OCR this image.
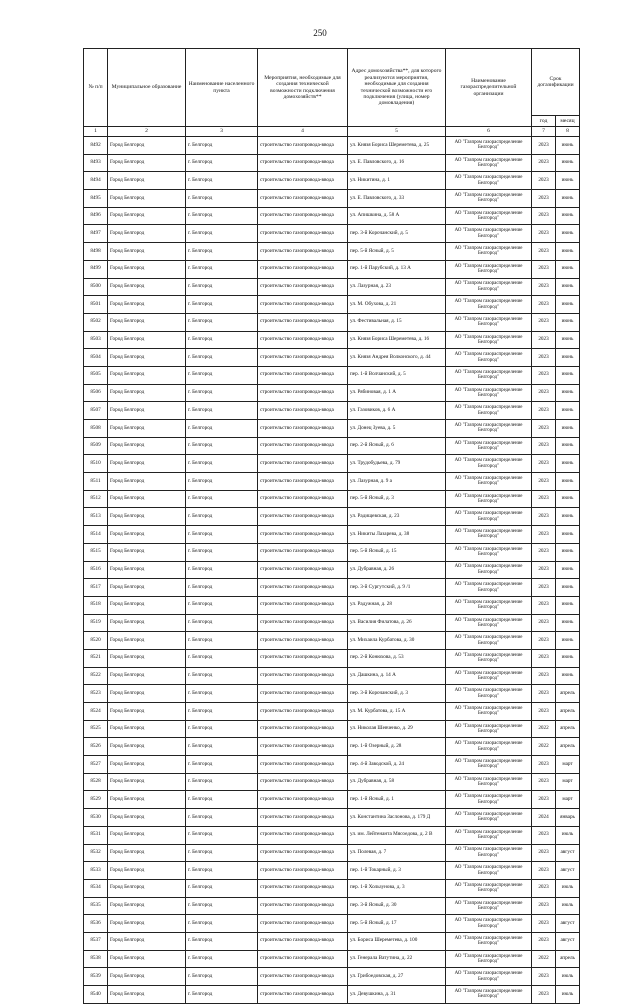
250
№ п/п	Муниципальное образование	Наименование населенного пункта	Мероприятия, необходимые для создания технической возможности подключения домохозяйств**	Адрес домохозяйства**, для которого реализуются мероприятия, необходимые для создания технической возможности его подключения (улица, номер домовладения)	Наименование газораспределительной организации	Срок догазификации	
						год	месяц
1	2	3	4	5	6	7	8
8492	Город Белгород	г. Белгород	строительство газопровода-ввода	ул. Князя Бориса Шереметева, д. 25	АО "Газпром газораспределение Белгород"	2023	июнь
8493	Город Белгород	г. Белгород	строительство газопровода-ввода	ул. Е. Павловского, д. 16	АО "Газпром газораспределение Белгород"	2023	июнь
8494	Город Белгород	г. Белгород	строительство газопровода-ввода	ул. Никитина, д. 1	АО "Газпром газораспределение Белгород"	2023	июнь
8495	Город Белгород	г. Белгород	строительство газопровода-ввода	ул. Е. Павловского, д. 33	АО "Газпром газораспределение Белгород"	2023	июнь
8496	Город Белгород	г. Белгород	строительство газопровода-ввода	ул. Апишкина, д. 58 А	АО "Газпром газораспределение Белгород"	2023	июнь
8497	Город Белгород	г. Белгород	строительство газопровода-ввода	пер. 3-й Корочанский, д. 5	АО "Газпром газораспределение Белгород"	2023	июнь
8498	Город Белгород	г. Белгород	строительство газопровода-ввода	пер. 5-й Ясный, д. 5	АО "Газпром газораспределение Белгород"	2023	июнь
8499	Город Белгород	г. Белгород	строительство газопровода-ввода	пер. 1-й Парубский, д. 13 А	АО "Газпром газораспределение Белгород"	2023	июнь
8500	Город Белгород	г. Белгород	строительство газопровода-ввода	ул. Лазурная, д. 23	АО "Газпром газораспределение Белгород"	2023	июнь
8501	Город Белгород	г. Белгород	строительство газопровода-ввода	ул. М. Обухова, д. 21	АО "Газпром газораспределение Белгород"	2023	июнь
8502	Город Белгород	г. Белгород	строительство газопровода-ввода	ул. Фестивальная, д. 15	АО "Газпром газораспределение Белгород"	2023	июнь
8503	Город Белгород	г. Белгород	строительство газопровода-ввода	ул. Князя Бориса Шереметева, д. 16	АО "Газпром газораспределение Белгород"	2023	июнь
8504	Город Белгород	г. Белгород	строительство газопровода-ввода	ул. Князя Андрея Волконского, д. 44	АО "Газпром газораспределение Белгород"	2023	июнь
8505	Город Белгород	г. Белгород	строительство газопровода-ввода	пер. 1-й Волчанский, д. 5	АО "Газпром газораспределение Белгород"	2023	июнь
8506	Город Белгород	г. Белгород	строительство газопровода-ввода	ул. Рябиновая, д. 1 А	АО "Газпром газораспределение Белгород"	2023	июнь
8507	Город Белгород	г. Белгород	строительство газопровода-ввода	ул. Газовиков, д. 6 А	АО "Газпром газораспределение Белгород"	2023	июнь
8508	Город Белгород	г. Белгород	строительство газопровода-ввода	ул. Донец Зуева, д. 5	АО "Газпром газораспределение Белгород"	2023	июнь
8509	Город Белгород	г. Белгород	строительство газопровода-ввода	пер. 2-й Ясный, д. 6	АО "Газпром газораспределение Белгород"	2023	июнь
8510	Город Белгород	г. Белгород	строительство газопровода-ввода	ул. Трудобудьева, д. 79	АО "Газпром газораспределение Белгород"	2023	июнь
8511	Город Белгород	г. Белгород	строительство газопровода-ввода	ул. Лазурная, д. 9 а	АО "Газпром газораспределение Белгород"	2023	июнь
8512	Город Белгород	г. Белгород	строительство газопровода-ввода	пер. 5-й Ясный, д. 3	АО "Газпром газораспределение Белгород"	2023	июнь
8513	Город Белгород	г. Белгород	строительство газопровода-ввода	ул. Радищевская, д. 23	АО "Газпром газораспределение Белгород"	2023	июнь
8514	Город Белгород	г. Белгород	строительство газопровода-ввода	ул. Никиты Лазарева, д. 38	АО "Газпром газораспределение Белгород"	2023	июнь
8515	Город Белгород	г. Белгород	строительство газопровода-ввода	пер. 5-й Ясный, д. 15	АО "Газпром газораспределение Белгород"	2023	июнь
8516	Город Белгород	г. Белгород	строительство газопровода-ввода	ул. Дубравная, д. 26	АО "Газпром газораспределение Белгород"	2023	июнь
8517	Город Белгород	г. Белгород	строительство газопровода-ввода	пер. 3-й Сургутский, д. 9 /1	АО "Газпром газораспределение Белгород"	2023	июнь
8518	Город Белгород	г. Белгород	строительство газопровода-ввода	ул. Радужная, д. 28	АО "Газпром газораспределение Белгород"	2023	июнь
8519	Город Белгород	г. Белгород	строительство газопровода-ввода	ул. Василия Филатова, д. 26	АО "Газпром газораспределение Белгород"	2023	июнь
8520	Город Белгород	г. Белгород	строительство газопровода-ввода	ул. Михаила Курбатова, д. 30	АО "Газпром газораспределение Белгород"	2023	июнь
8521	Город Белгород	г. Белгород	строительство газопровода-ввода	пер. 2-й Конюхова, д. 53	АО "Газпром газораспределение Белгород"	2023	июнь
8522	Город Белгород	г. Белгород	строительство газопровода-ввода	ул. Дашкина, д. 14 А	АО "Газпром газораспределение Белгород"	2023	июнь
8523	Город Белгород	г. Белгород	строительство газопровода-ввода	пер. 3-й Корочанский, д. 3	АО "Газпром газораспределение Белгород"	2023	апрель
8524	Город Белгород	г. Белгород	строительство газопровода-ввода	ул. М. Курбатова, д. 15 А	АО "Газпром газораспределение Белгород"	2023	апрель
8525	Город Белгород	г. Белгород	строительство газопровода-ввода	ул. Николая Шевченко, д. 29	АО "Газпром газораспределение Белгород"	2022	апрель
8526	Город Белгород	г. Белгород	строительство газопровода-ввода	пер. 1-й Озерный, д. 28	АО "Газпром газораспределение Белгород"	2022	апрель
8527	Город Белгород	г. Белгород	строительство газопровода-ввода	пер. 4-й Заводской, д. 24	АО "Газпром газораспределение Белгород"	2023	март
8528	Город Белгород	г. Белгород	строительство газопровода-ввода	ул. Дубравная, д. 58	АО "Газпром газораспределение Белгород"	2023	март
8529	Город Белгород	г. Белгород	строительство газопровода-ввода	пер. 1-й Ясный, д. 1	АО "Газпром газораспределение Белгород"	2023	март
8530	Город Белгород	г. Белгород	строительство газопровода-ввода	ул. Константина Заслонова, д. 179 Д	АО "Газпром газораспределение Белгород"	2024	январь
8531	Город Белгород	г. Белгород	строительство газопровода-ввода	ул. им. Лейтенанта Мясоедова, д. 2 В	АО "Газпром газораспределение Белгород"	2023	июль
8532	Город Белгород	г. Белгород	строительство газопровода-ввода	ул. Полевая, д. 7	АО "Газпром газораспределение Белгород"	2023	август
8533	Город Белгород	г. Белгород	строительство газопровода-ввода	пер. 1-й Токарный, д. 3	АО "Газпром газораспределение Белгород"	2023	август
8534	Город Белгород	г. Белгород	строительство газопровода-ввода	пер. 1-й Хользунова, д. 3	АО "Газпром газораспределение Белгород"	2023	июль
8535	Город Белгород	г. Белгород	строительство газопровода-ввода	пер. 3-й Ясный, д. 30	АО "Газпром газораспределение Белгород"	2023	июль
8536	Город Белгород	г. Белгород	строительство газопровода-ввода	пер. 5-й Ясный, д. 17	АО "Газпром газораспределение Белгород"	2023	август
8537	Город Белгород	г. Белгород	строительство газопровода-ввода	ул. Бориса Шереметева, д. 100	АО "Газпром газораспределение Белгород"	2023	август
8538	Город Белгород	г. Белгород	строительство газопровода-ввода	ул. Генерала Ватутина, д. 22	АО "Газпром газораспределение Белгород"	2022	апрель
8539	Город Белгород	г. Белгород	строительство газопровода-ввода	ул. Грибоедовская, д. 27	АО "Газпром газораспределение Белгород"	2023	июль
8540	Город Белгород	г. Белгород	строительство газопровода-ввода	ул. Девушкина, д. 31	АО "Газпром газораспределение Белгород"	2023	июль
